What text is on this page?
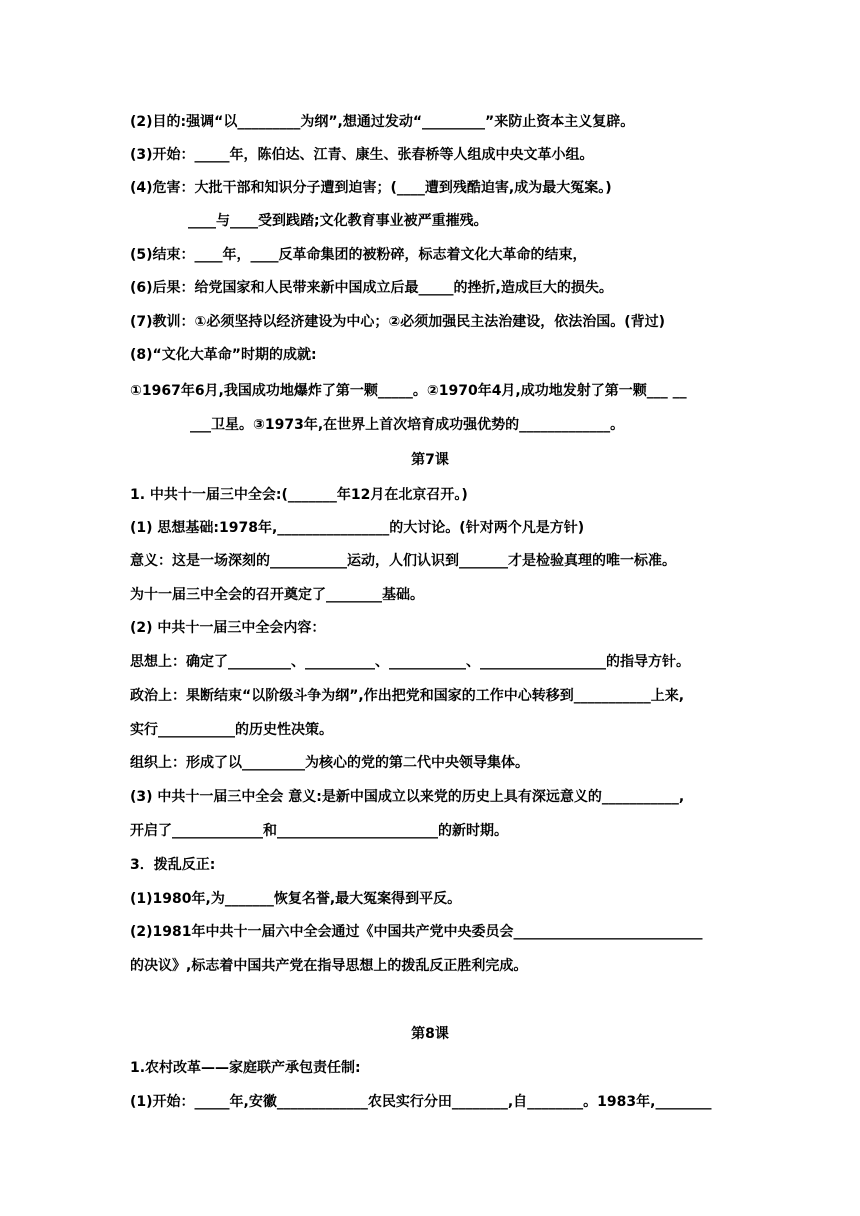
(2)目的:强调“以_________为纲”,想通过发动“_________”来防止资本主义复辟。
(3)开始：_____年，陈伯达、江青、康生、张春桥等人组成中央文革小组。
(4)危害：大批干部和知识分子遭到迫害；(____遭到残酷迫害,成为最大冤案。)
____与____受到践踏;文化教育事业被严重摧残。
(5)结束：____年，____反革命集团的被粉碎，标志着文化大革命的结束，
(6)后果：给党国家和人民带来新中国成立后最_____的挫折,造成巨大的损失。
(7)教训：①必须坚持以经济建设为中心；②必须加强民主法治建设，依法治国。(背过)
(8)“文化大革命”时期的成就:
①1967年6月,我国成功地爆炸了第一颗_____。②1970年4月,成功地发射了第一颗___ __
___卫星。③1973年,在世界上首次培育成功强优势的_____________。
第7课
1. 中共十一届三中全会:(_______年12月在北京召开。)
(1) 思想基础:1978年,________________的大讨论。(针对两个凡是方针)
意义：这是一场深刻的___________运动，人们认识到_______才是检验真理的唯一标准。
为十一届三中全会的召开奠定了________基础。
(2) 中共十一届三中全会内容：
思想上：确定了_________、__________、___________、__________________的指导方针。
政治上：果断结束“以阶级斗争为纲”,作出把党和国家的工作中心转移到___________上来,
实行___________的历史性决策。
组织上：形成了以_________为核心的党的第二代中央领导集体。
(3) 中共十一届三中全会 意义:是新中国成立以来党的历史上具有深远意义的___________,
开启了_____________和_______________________的新时期。
3．拨乱反正:
(1)1980年,为_______恢复名誉,最大冤案得到平反。
(2)1981年中共十一届六中全会通过《中国共产党中央委员会___________________________
的决议》,标志着中国共产党在指导思想上的拨乱反正胜利完成。
第8课
1.农村改革——家庭联产承包责任制:
(1)开始：_____年,安徽_____________农民实行分田________,自________。1983年,________
